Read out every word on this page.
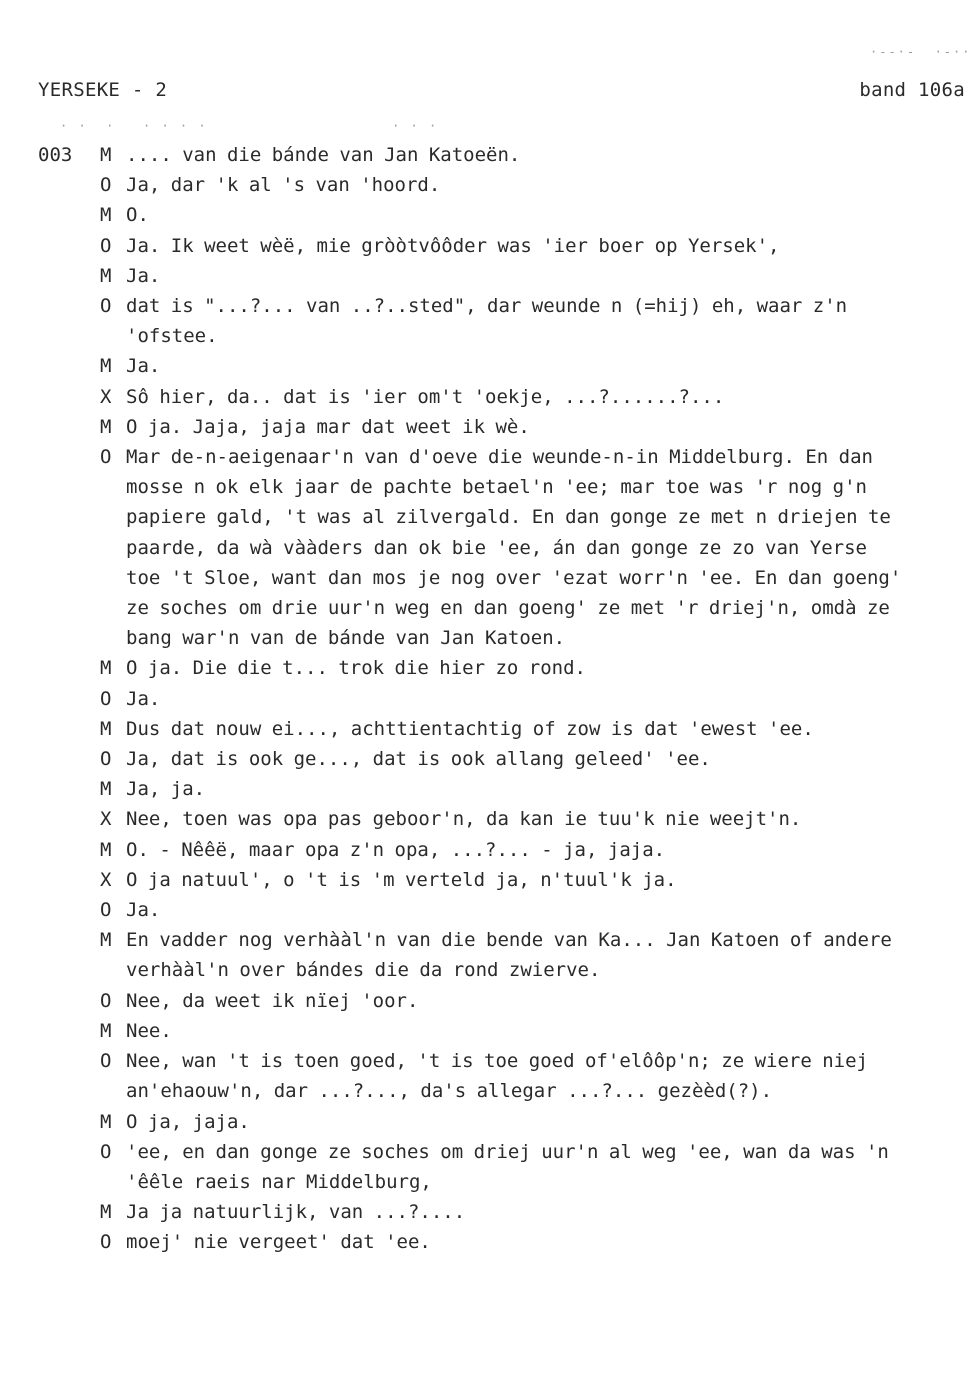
·‑‑·‑  ·‑··
· ·  ·   · · · ·                    · · ·
YERSEKE - 2	band 106a
003	M .... van die bánde van Jan Katoeën.
O Ja, dar 'k al 's van 'hoord.
M O.
O Ja. Ik weet wèë, mie gròòtvôôder was 'ier boer op Yersek',
M Ja.
O dat is "...?... van ..?..sted", dar weunde n (=hij) eh, waar z'n
'ofstee.
M Ja.
X Sô hier, da.. dat is 'ier om't 'oekje, ...?......?...
M O ja. Jaja, jaja mar dat weet ik wè.
O Mar de-n-aeigenaar'n van d'oeve die weunde-n-in Middelburg. En dan
mosse n ok elk jaar de pachte betael'n 'ee; mar toe was 'r nog g'n
papiere gald, 't was al zilvergald. En dan gonge ze met n driejen te
paarde, da wà vààders dan ok bie 'ee, án dan gonge ze zo van Yerse
toe 't Sloe, want dan mos je nog over 'ezat worr'n 'ee. En dan goeng'
ze soches om drie uur'n weg en dan goeng' ze met 'r driej'n, omdà ze
bang war'n van de bánde van Jan Katoen.
M O ja. Die die t... trok die hier zo rond.
O Ja.
M Dus dat nouw ei..., achttientachtig of zow is dat 'ewest 'ee.
O Ja, dat is ook ge..., dat is ook allang geleed' 'ee.
M Ja, ja.
X Nee, toen was opa pas geboor'n, da kan ie tuu'k nie weejt'n.
M O. - Nêêë, maar opa z'n opa, ...?... - ja, jaja.
X O ja natuul', o 't is 'm verteld ja, n'tuul'k ja.
O Ja.
M En vadder nog verhààl'n van die bende van Ka... Jan Katoen of andere
verhààl'n over bándes die da rond zwierve.
O Nee, da weet ik nïej 'oor.
M Nee.
O Nee, wan 't is toen goed, 't is toe goed of'elôôp'n; ze wiere niej
an'ehaouw'n, dar ...?..., da's allegar ...?... gezèèd(?).
M O ja, jaja.
O 'ee, en dan gonge ze soches om driej uur'n al weg 'ee, wan da was 'n
'êêle raeis nar Middelburg,
M Ja ja natuurlijk, van ...?....
O moej' nie vergeet' dat 'ee.
